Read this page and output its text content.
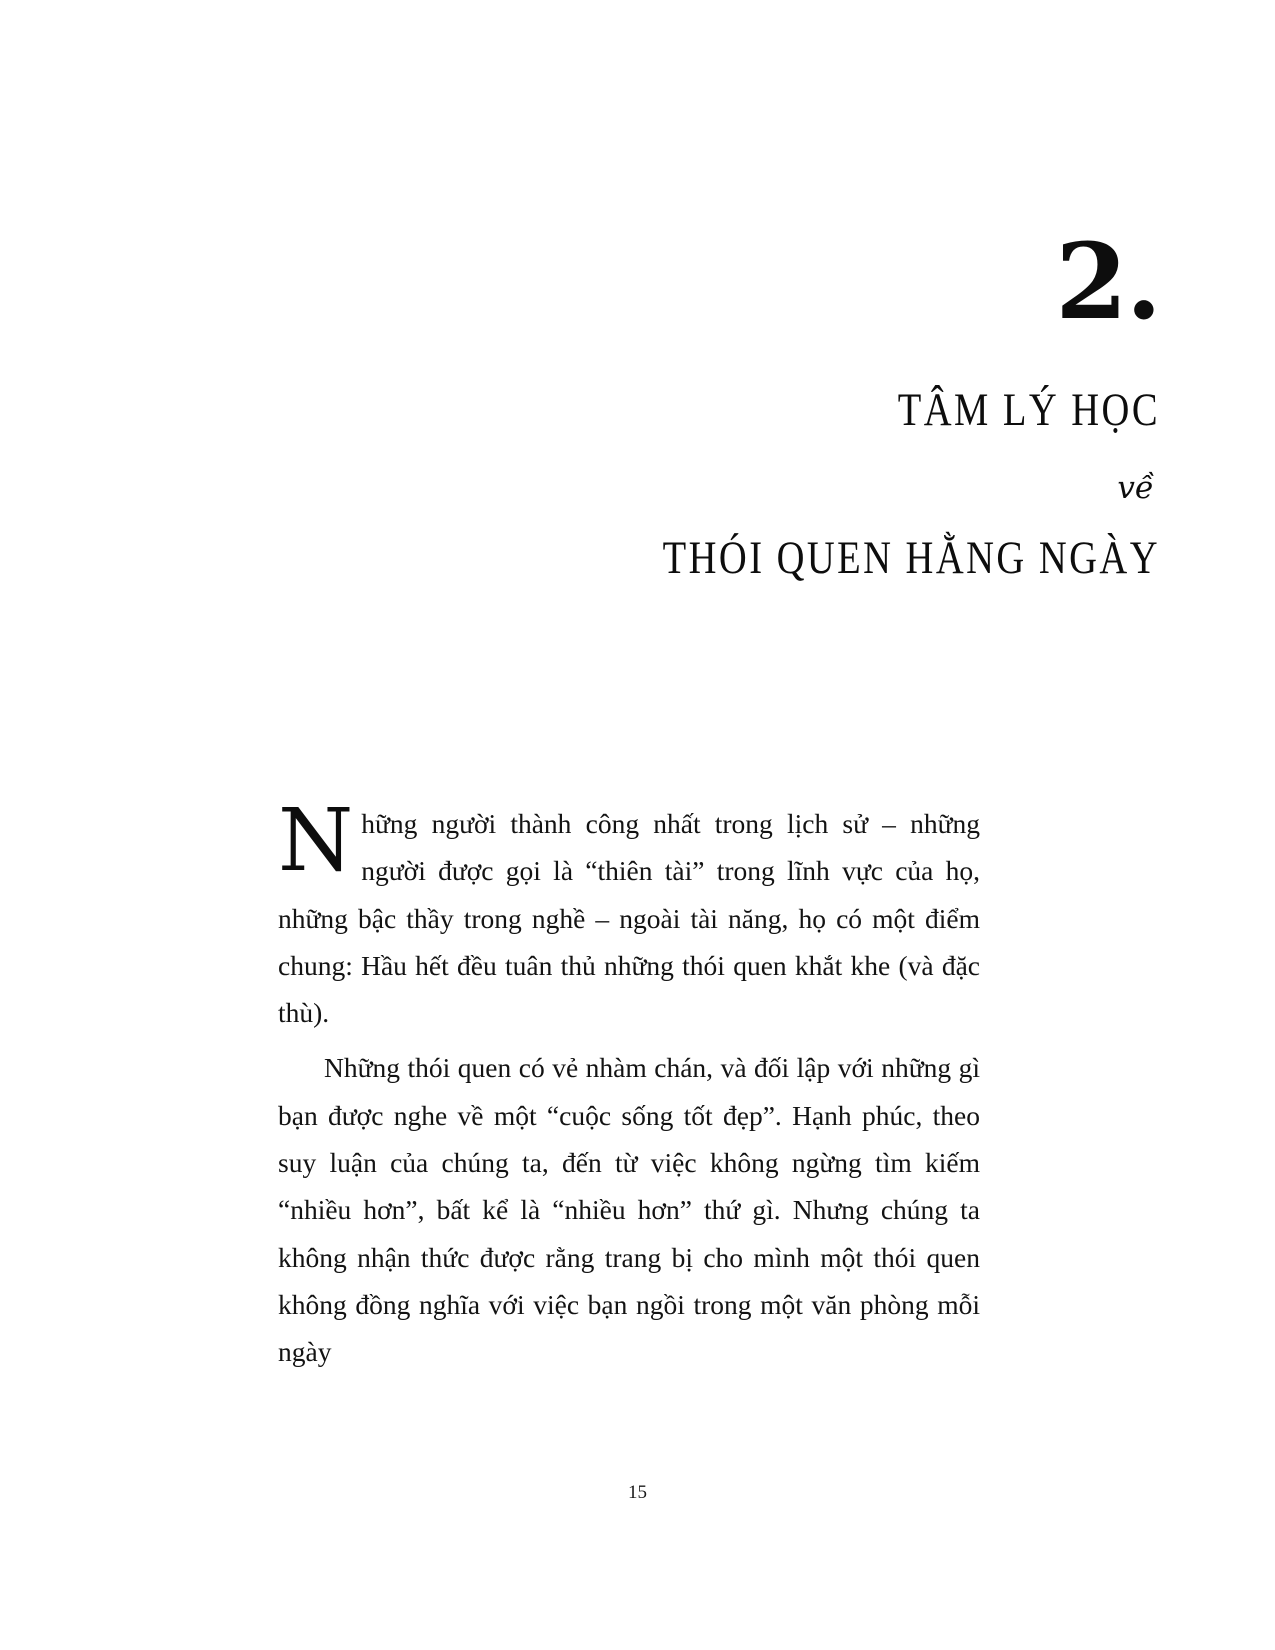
2.
TÂM LÝ HỌC
về
THÓI QUEN HẰNG NGÀY

Những người thành công nhất trong lịch sử – những người được gọi là “thiên tài” trong lĩnh vực của họ, những bậc thầy trong nghề – ngoài tài năng, họ có một điểm chung: Hầu hết đều tuân thủ những thói quen khắt khe (và đặc thù).

Những thói quen có vẻ nhàm chán, và đối lập với những gì bạn được nghe về một “cuộc sống tốt đẹp”. Hạnh phúc, theo suy luận của chúng ta, đến từ việc không ngừng tìm kiếm “nhiều hơn”, bất kể là “nhiều hơn” thứ gì. Nhưng chúng ta không nhận thức được rằng trang bị cho mình một thói quen không đồng nghĩa với việc bạn ngồi trong một văn phòng mỗi ngày

15
